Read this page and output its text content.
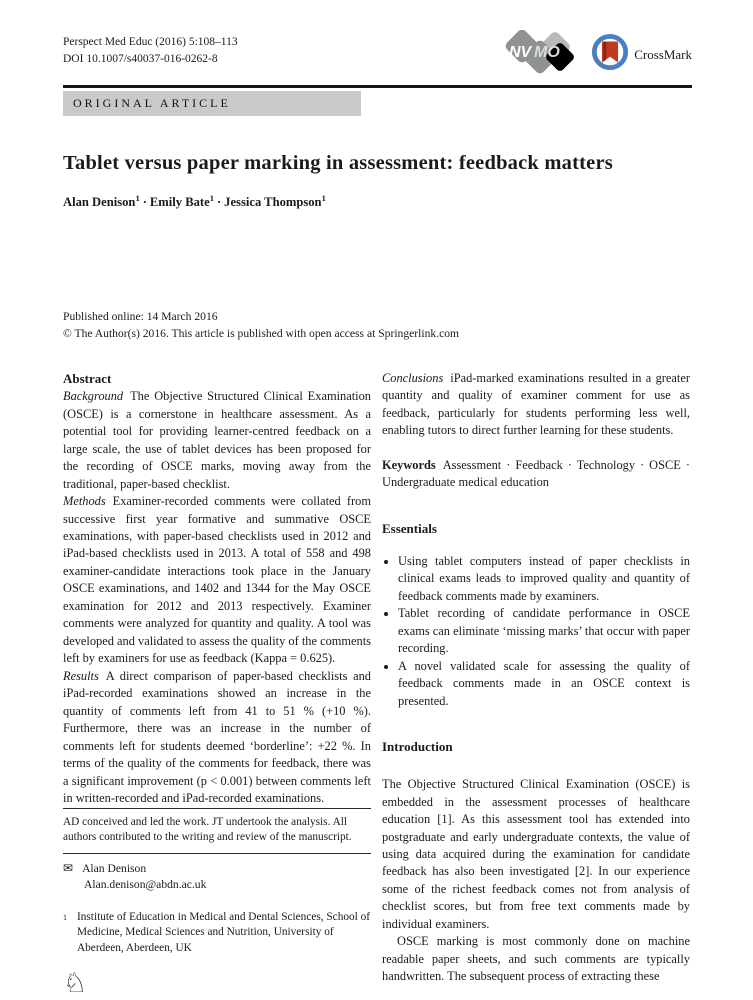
Perspect Med Educ (2016) 5:108–113
DOI 10.1007/s40037-016-0262-8	NV MO	CrossMark
ORIGINAL ARTICLE
Tablet versus paper marking in assessment: feedback matters
Alan Denison$^1$ · Emily Bate$^1$ · Jessica Thompson$^1$
Published online: 14 March 2016
© The Author(s) 2016. This article is published with open access at Springerlink.com
Abstract
Background The Objective Structured Clinical Examination (OSCE) is a cornerstone in healthcare assessment. As a potential tool for providing learner-centred feedback on a large scale, the use of tablet devices has been proposed for the recording of OSCE marks, moving away from the traditional, paper-based checklist.
Methods Examiner-recorded comments were collated from successive first year formative and summative OSCE examinations, with paper-based checklists used in 2012 and iPad-based checklists used in 2013. A total of 558 and 498 examiner-candidate interactions took place in the January OSCE examinations, and 1402 and 1344 for the May OSCE examination for 2012 and 2013 respectively. Examiner comments were analyzed for quantity and quality. A tool was developed and validated to assess the quality of the comments left by examiners for use as feedback (Kappa = 0.625).
Results A direct comparison of paper-based checklists and iPad-recorded examinations showed an increase in the quantity of comments left from 41 to 51 % (+10 %). Furthermore, there was an increase in the number of comments left for students deemed ‘borderline’: +22 %. In terms of the quality of the comments for feedback, there was a significant improvement (p < 0.001) between comments left in written-recorded and iPad-recorded examinations.
AD conceived and led the work. JT undertook the analysis. All authors contributed to the writing and review of the manuscript.
✉ Alan Denison
Alan.denison@abdn.ac.uk
1 Institute of Education in Medical and Dental Sciences, School of Medicine, Medical Sciences and Nutrition, University of Aberdeen, Aberdeen, UK
♘
Conclusions iPad-marked examinations resulted in a greater quantity and quality of examiner comment for use as feedback, particularly for students performing less well, enabling tutors to direct further learning for these students.
Keywords Assessment · Feedback · Technology · OSCE · Undergraduate medical education
Essentials
• Using tablet computers instead of paper checklists in clinical exams leads to improved quality and quantity of feedback comments made by examiners.
• Tablet recording of candidate performance in OSCE exams can eliminate ‘missing marks’ that occur with paper recording.
• A novel validated scale for assessing the quality of feedback comments made in an OSCE context is presented.
Introduction
The Objective Structured Clinical Examination (OSCE) is embedded in the assessment processes of healthcare education [1]. As this assessment tool has extended into postgraduate and early undergraduate contexts, the value of using data acquired during the examination for candidate feedback has also been investigated [2]. In our experience some of the richest feedback comes not from analysis of checklist scores, but from free text comments made by individual examiners.
OSCE marking is most commonly done on machine readable paper sheets, and such comments are typically handwritten. The subsequent process of extracting these
